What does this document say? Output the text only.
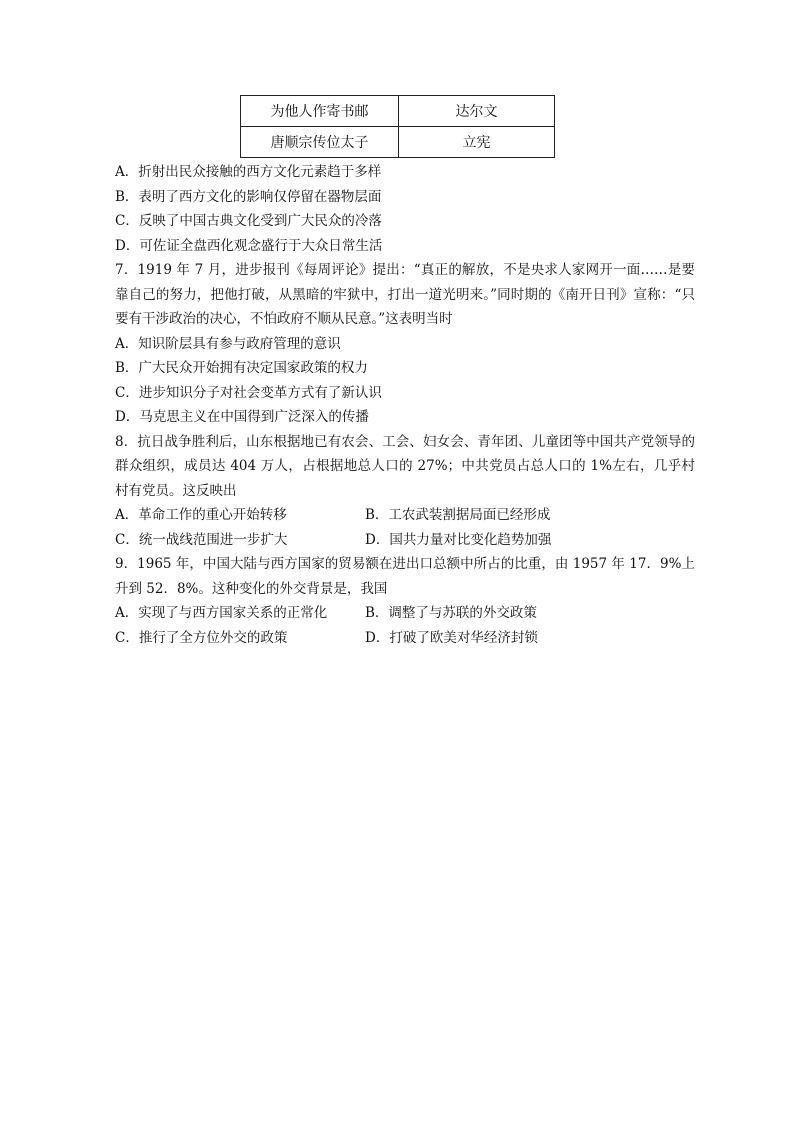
为他人作寄书邮	达尔文
唐顺宗传位太子	立宪
A．折射出民众接触的西方文化元素趋于多样
B．表明了西方文化的影响仅停留在器物层面
C．反映了中国古典文化受到广大民众的冷落
D．可佐证全盘西化观念盛行于大众日常生活
7．1919 年 7 月，进步报刊《每周评论》提出：“真正的解放，不是央求人家网开一面……是要靠自己的努力，把他打破，从黑暗的牢狱中，打出一道光明来。”同时期的《南开日刊》宣称：“只要有干涉政治的决心，不怕政府不顺从民意。”这表明当时
A．知识阶层具有参与政府管理的意识
B．广大民众开始拥有决定国家政策的权力
C．进步知识分子对社会变革方式有了新认识
D．马克思主义在中国得到广泛深入的传播
8．抗日战争胜利后，山东根据地已有农会、工会、妇女会、青年团、儿童团等中国共产党领导的群众组织，成员达 404 万人，占根据地总人口的 27%；中共党员占总人口的 1%左右，几乎村村有党员。这反映出
A．革命工作的重心开始转移	B．工农武装割据局面已经形成
C．统一战线范围进一步扩大	D．国共力量对比变化趋势加强
9．1965 年，中国大陆与西方国家的贸易额在进出口总额中所占的比重，由 1957 年 17．9%上升到 52．8%。这种变化的外交背景是，我国
A．实现了与西方国家关系的正常化	B．调整了与苏联的外交政策
C．推行了全方位外交的政策	D．打破了欧美对华经济封锁
